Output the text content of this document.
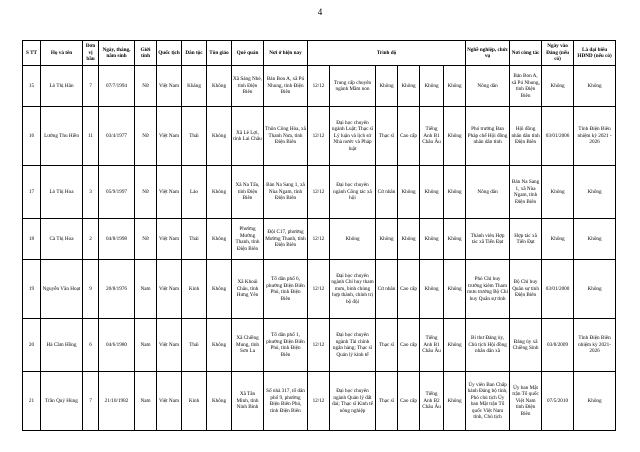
4
S TT	Họ và tên	Đơn vị bầu	Ngày, tháng, năm sinh	Giới tính	Quốc tịch	Dân tộc	Tôn giáo	Quê quán	Nơi ở hiện nay	Trình độ						Nghề nghiệp, chức vụ	Nơi công tác	Ngày vào Đảng (nếu có)	Là đại biểu HĐND (nếu có)
15	Lò Thị Hân	7	07/7/1994	Nữ	Việt Nam	Kháng	Không	Xã Sáng Nhè, tỉnh Điện Biên	Bản Bon A, xã Pú Nhung, tỉnh Điện Biên	12/12	Trung cấp chuyên ngành Mầm non	Không	Không	Không	Không	Nông dân	Bản Bon A, xã Pú Nhung, tỉnh Điện Biên	Không	Không
16	Lường Thu Hiền	11	03/4/1977	Nữ	Việt Nam	Thái	Không	Xã Lê Lợi, tỉnh Lai Châu	Thôn Công Hòa, xã Thanh Nưa, tỉnh Điện Biên	12/12	Đại học chuyên ngành Luật; Thạc sĩ Lý luận và lịch sử Nhà nước và Pháp luật	Thạc sĩ	Cao cấp	Tiếng Anh B1 Châu Âu	Không	Phó trưởng Ban Pháp chế Hội đồng nhân dân tỉnh	Hội đồng nhân dân tỉnh Điện Biên	03/01/2006	Tỉnh Điện Biên nhiệm kỳ 2021 - 2026
17	Lò Thị Hoa	3	05/9/1997	Nữ	Việt Nam	Lào	Không	Xã Na Tấu, tỉnh Điện Biên	Bản Na Sang 1, xã Nùa Ngam, tỉnh Điện Biên	12/12	Đại học chuyên ngành Công tác xã hội	Cử nhân	Không	Không	Không	Nông dân	Bản Na Sang 1, xã Nùa Ngam, tỉnh Điện Biên	Không	Không
18	Cà Thị Hoa	2	04/8/1998	Nữ	Việt Nam	Thái	Không	Phường Mường Thanh, tỉnh Điện Biên	Đội C17, phường Mường Thanh, tỉnh Điện Biên	12/12	Không	Không	Không	Không	Không	Thành viên Hợp tác xã Tiến Đạt	Hợp tác xã Tiến Đạt	Không	Không
19	Nguyễn Văn Hoạt	9	20/8/1976	Nam	Việt Nam	Kinh	Không	Xã Khoái Châu, tỉnh Hưng Yên	Tổ dân phố 6, phường Điện Biên Phủ, tỉnh Điện Biên	12/12	Đại học chuyên ngành Chỉ huy tham mưu, binh chủng hợp thành, chính trị bộ đội	Cử nhân	Cao cấp	Không	Không	Phó Chỉ huy trưởng kiêm Tham mưu trưởng Bộ Chỉ huy Quân sự tỉnh	Bộ Chỉ huy Quân sự tỉnh Điện Biên	03/01/2000	Không
20	Hà Cầm Hồng	6	04/6/1980	Nam	Việt Nam	Thái	Không	Xã Chiềng Mung, tỉnh Sơn La	Tổ dân phố 1, phường Điện Biên Phủ, tỉnh Điện Biên	12/12	Đại học chuyên ngành Tài chính ngân hàng; Thạc sĩ Quản lý kinh tế	Thạc sĩ	Cao cấp	Tiếng Anh B1 Châu Âu	Không	Bí thư Đảng ủy, Chủ tịch Hội đồng nhân dân xã	Đảng ủy xã Chiềng Sinh	03/8/2009	Tỉnh Điện Biên nhiệm kỳ 2021-2026
21	Trần Quý Hùng	7	21/10/1982	Nam	Việt Nam	Kinh	Không	Xã Tân Minh, tỉnh Ninh Bình	Số nhà 317, tổ dân phố 9, phường Điện Biên Phủ, tỉnh Điện Biên	12/12	Đại học chuyên ngành Quản lý đất đai; Thạc sĩ Kinh tế nông nghiệp	Thạc sĩ	Cao cấp	Tiếng Anh B2 Châu Âu	Không	Ủy viên Ban Chấp hành Đảng bộ tỉnh, Phó chủ tịch Ủy ban Mặt trận Tổ quốc Việt Nam tỉnh, Chủ tịch	Ủy ban Mặt trận Tổ quốc Việt Nam tỉnh Điện Biên	07/5/2010	Không
